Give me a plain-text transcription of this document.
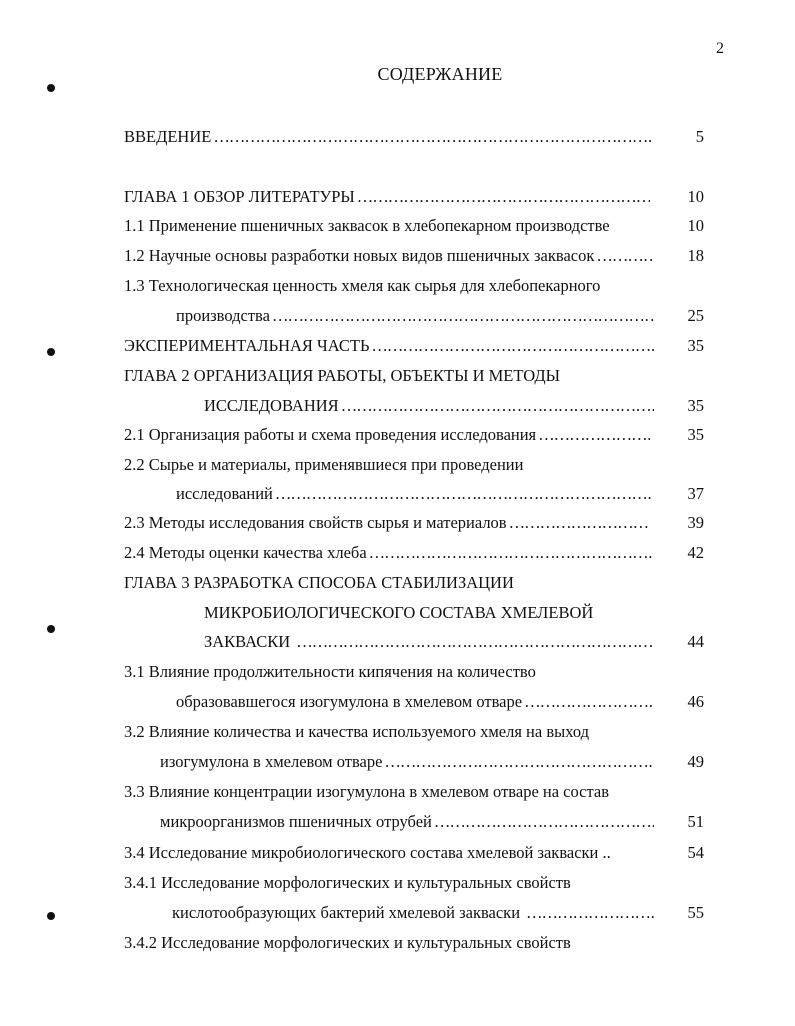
2
СОДЕРЖАНИЕ
ВВЕДЕНИЕ ……………………………………………………………………………………………………………………………………………………………………………………	5
ГЛАВА 1 ОБЗОР ЛИТЕРАТУРЫ ……………………………………………………………………………………………………………………………………………………………………………………	10
1.1 Применение пшеничных заквасок в хлебопекарном производстве	10
1.2 Научные основы разработки новых видов пшеничных заквасок ……………………………………………………………………………………………………………………………………………………………………………………	18
1.3 Технологическая ценность хмеля как сырья для хлебопекарного
производства ……………………………………………………………………………………………………………………………………………………………………………………	25
ЭКСПЕРИМЕНТАЛЬНАЯ ЧАСТЬ ……………………………………………………………………………………………………………………………………………………………………………………	35
ГЛАВА 2 ОРГАНИЗАЦИЯ РАБОТЫ, ОБЪЕКТЫ И МЕТОДЫ
ИССЛЕДОВАНИЯ ……………………………………………………………………………………………………………………………………………………………………………………	35
2.1 Организация работы и схема проведения исследования ……………………………………………………………………………………………………………………………………………………………………………………	35
2.2 Сырье и материалы, применявшиеся при проведении
исследований ……………………………………………………………………………………………………………………………………………………………………………………	37
2.3 Методы исследования свойств сырья и материалов ……………………………………………………………………………………………………………………………………………………………………………………	39
2.4 Методы оценки качества хлеба ……………………………………………………………………………………………………………………………………………………………………………………	42
ГЛАВА 3 РАЗРАБОТКА СПОСОБА СТАБИЛИЗАЦИИ
МИКРОБИОЛОГИЧЕСКОГО СОСТАВА ХМЕЛЕВОЙ
ЗАКВАСКИ ……………………………………………………………………………………………………………………………………………………………………………………	44
3.1 Влияние продолжительности кипячения на количество
образовавшегося изогумулона в хмелевом отваре ……………………………………………………………………………………………………………………………………………………………………………………	46
3.2 Влияние количества и качества используемого хмеля на выход
изогумулона в хмелевом отваре ……………………………………………………………………………………………………………………………………………………………………………………	49
3.3 Влияние концентрации изогумулона в хмелевом отваре на состав
микроорганизмов пшеничных отрубей ……………………………………………………………………………………………………………………………………………………………………………………	51
3.4 Исследование микробиологического состава хмелевой закваски ..	54
3.4.1 Исследование морфологических и культуральных свойств
кислотообразующих бактерий хмелевой закваски ……………………………………………………………………………………………………………………………………………………………………………………	55
3.4.2 Исследование морфологических и культуральных свойств
